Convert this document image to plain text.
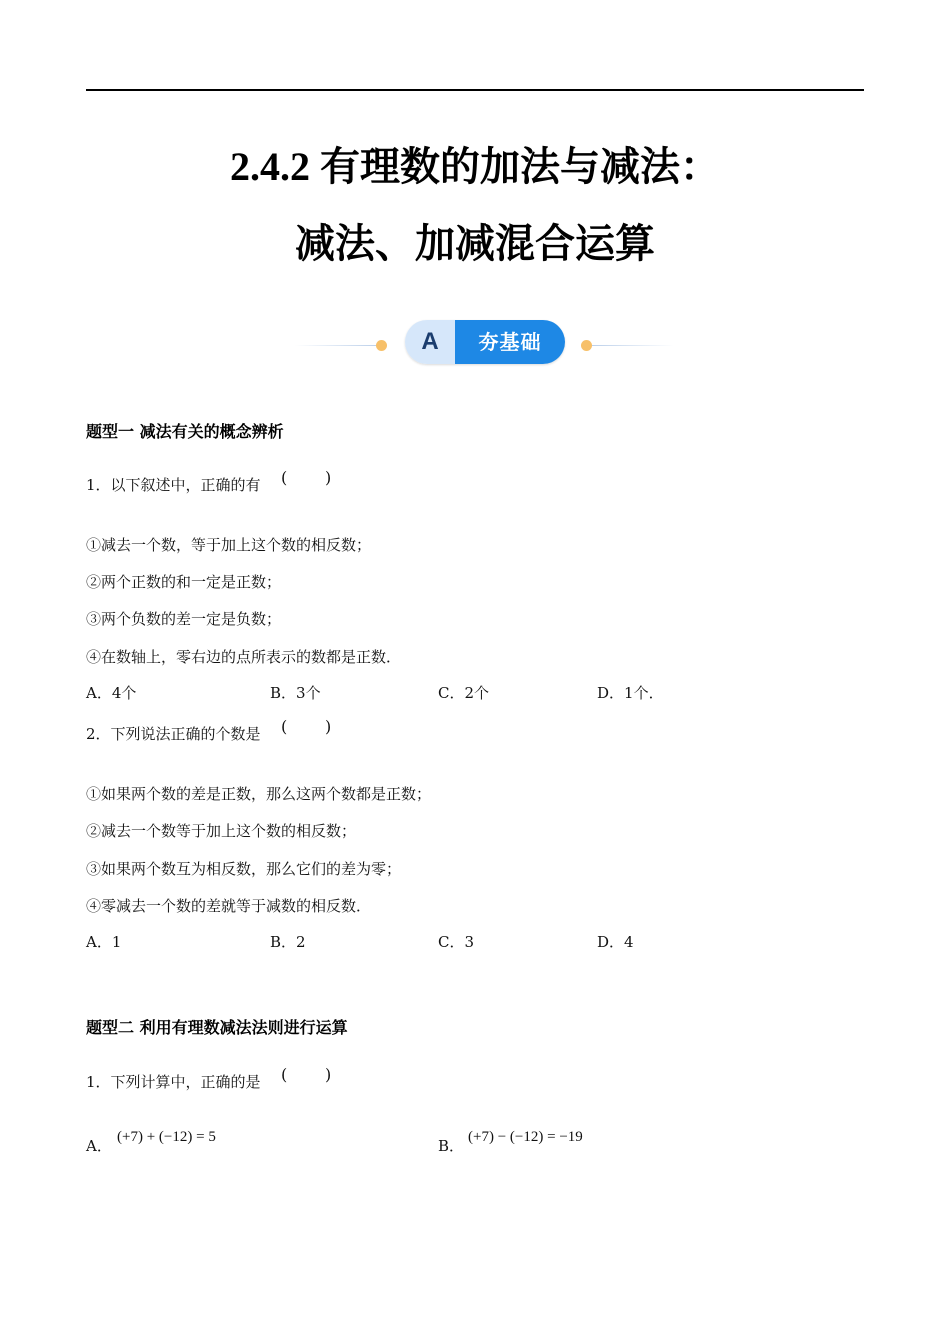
2.4.2 有理数的加法与减法：
减法、加减混合运算
A	夯基础
题型一 减法有关的概念辨析
1．以下叙述中，正确的有 ( )
①减去一个数，等于加上这个数的相反数；
②两个正数的和一定是正数；
③两个负数的差一定是负数；
④在数轴上，零右边的点所表示的数都是正数．
A．4个	B．3个	C．2个	D．1个．
2．下列说法正确的个数是 ( )
①如果两个数的差是正数，那么这两个数都是正数；
②减去一个数等于加上这个数的相反数；
③如果两个数互为相反数，那么它们的差为零；
④零减去一个数的差就等于减数的相反数．
A．1	B．2	C．3	D．4
题型二 利用有理数减法法则进行运算
1．下列计算中，正确的是 ( )
A． (+7) + (−12) = 5	B． (+7) − (−12) = −19
